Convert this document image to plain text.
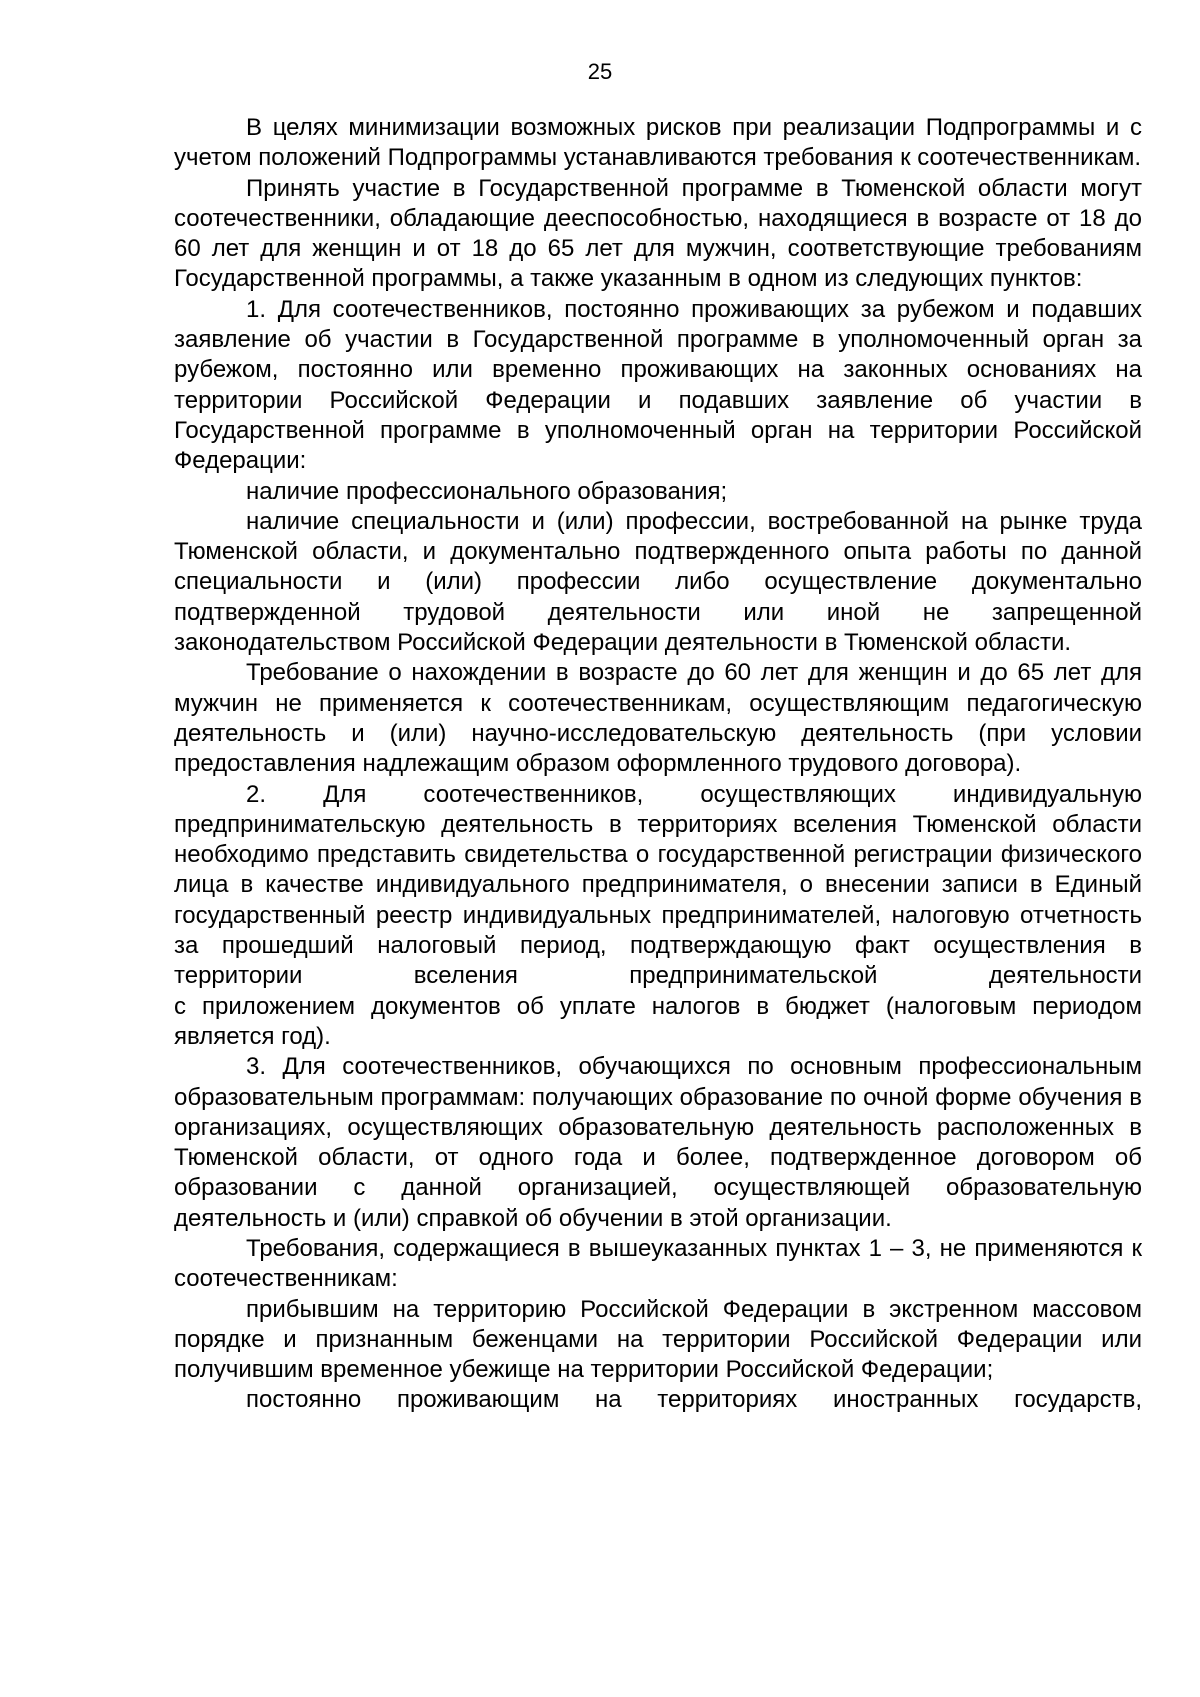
25

В целях минимизации возможных рисков при реализации Подпрограммы и с учетом положений Подпрограммы устанавливаются требования к соотечественникам.

Принять участие в Государственной программе в Тюменской области могут соотечественники, обладающие дееспособностью, находящиеся в возрасте от 18 до 60 лет для женщин и от 18 до 65 лет для мужчин, соответствующие требованиям Государственной программы, а также указанным в одном из следующих пунктов:

1. Для соотечественников, постоянно проживающих за рубежом и подавших заявление об участии в Государственной программе в уполномоченный орган за рубежом, постоянно или временно проживающих на законных основаниях на территории Российской Федерации и подавших заявление об участии в Государственной программе в уполномоченный орган на территории Российской Федерации:

наличие профессионального образования;

наличие специальности и (или) профессии, востребованной на рынке труда Тюменской области, и документально подтвержденного опыта работы по данной специальности и (или) профессии либо осуществление документально подтвержденной трудовой деятельности или иной не запрещенной законодательством Российской Федерации деятельности в Тюменской области.

Требование о нахождении в возрасте до 60 лет для женщин и до 65 лет для мужчин не применяется к соотечественникам, осуществляющим педагогическую деятельность и (или) научно-исследовательскую деятельность (при условии предоставления надлежащим образом оформленного трудового договора).

2. Для соотечественников, осуществляющих индивидуальную предпринимательскую деятельность в территориях вселения Тюменской области необходимо представить свидетельства о государственной регистрации физического лица в качестве индивидуального предпринимателя, о внесении записи в Единый государственный реестр индивидуальных предпринимателей, налоговую отчетность за прошедший налоговый период, подтверждающую факт осуществления в территории вселения предпринимательской деятельности

с приложением документов об уплате налогов в бюджет (налоговым периодом является год).

3. Для соотечественников, обучающихся по основным профессиональным образовательным программам: получающих образование по очной форме обучения в организациях, осуществляющих образовательную деятельность расположенных в Тюменской области, от одного года и более, подтвержденное договором об образовании с данной организацией, осуществляющей образовательную деятельность и (или) справкой об обучении в этой организации.

Требования, содержащиеся в вышеуказанных пунктах 1 – 3, не применяются к соотечественникам:

прибывшим на территорию Российской Федерации в экстренном массовом порядке и признанным беженцами на территории Российской Федерации или получившим временное убежище на территории Российской Федерации;

постоянно проживающим на территориях иностранных государств,
